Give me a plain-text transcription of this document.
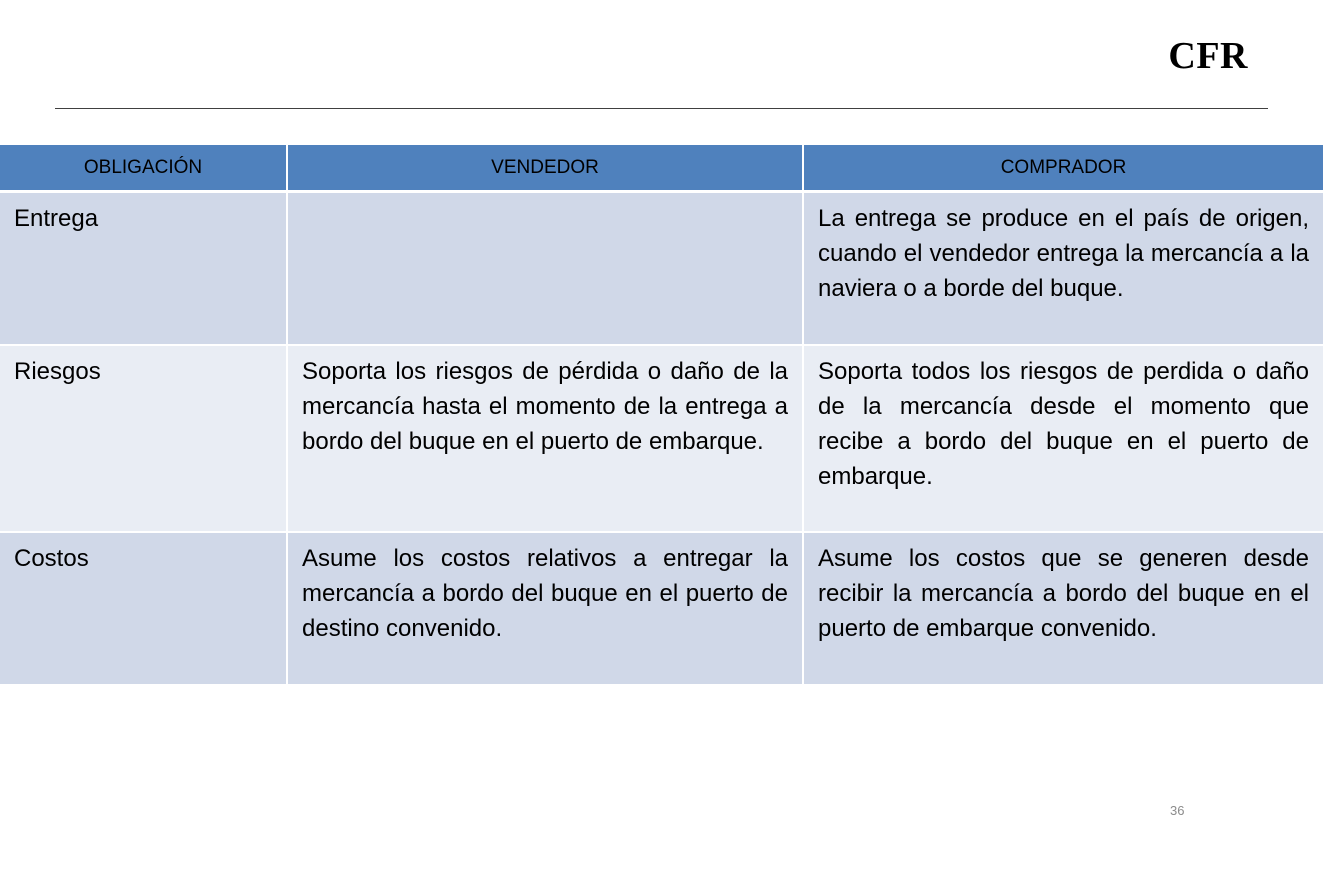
CFR
OBLIGACIÓN	VENDEDOR	COMPRADOR
Entrega		La entrega se produce en el país de origen, cuando el vendedor entrega la mercancía a la naviera o a borde del buque.
Riesgos	Soporta los riesgos de pérdida o daño de la mercancía hasta el momento de la entrega a bordo del buque en el puerto de embarque.	Soporta todos los riesgos de perdida o daño de la mercancía desde el momento que recibe a bordo del buque en el puerto de embarque.
Costos	Asume los costos relativos a entregar la mercancía a bordo del buque en el puerto de destino convenido.	Asume los costos que se generen desde recibir la mercancía a bordo del buque en el puerto de embarque convenido.
36
